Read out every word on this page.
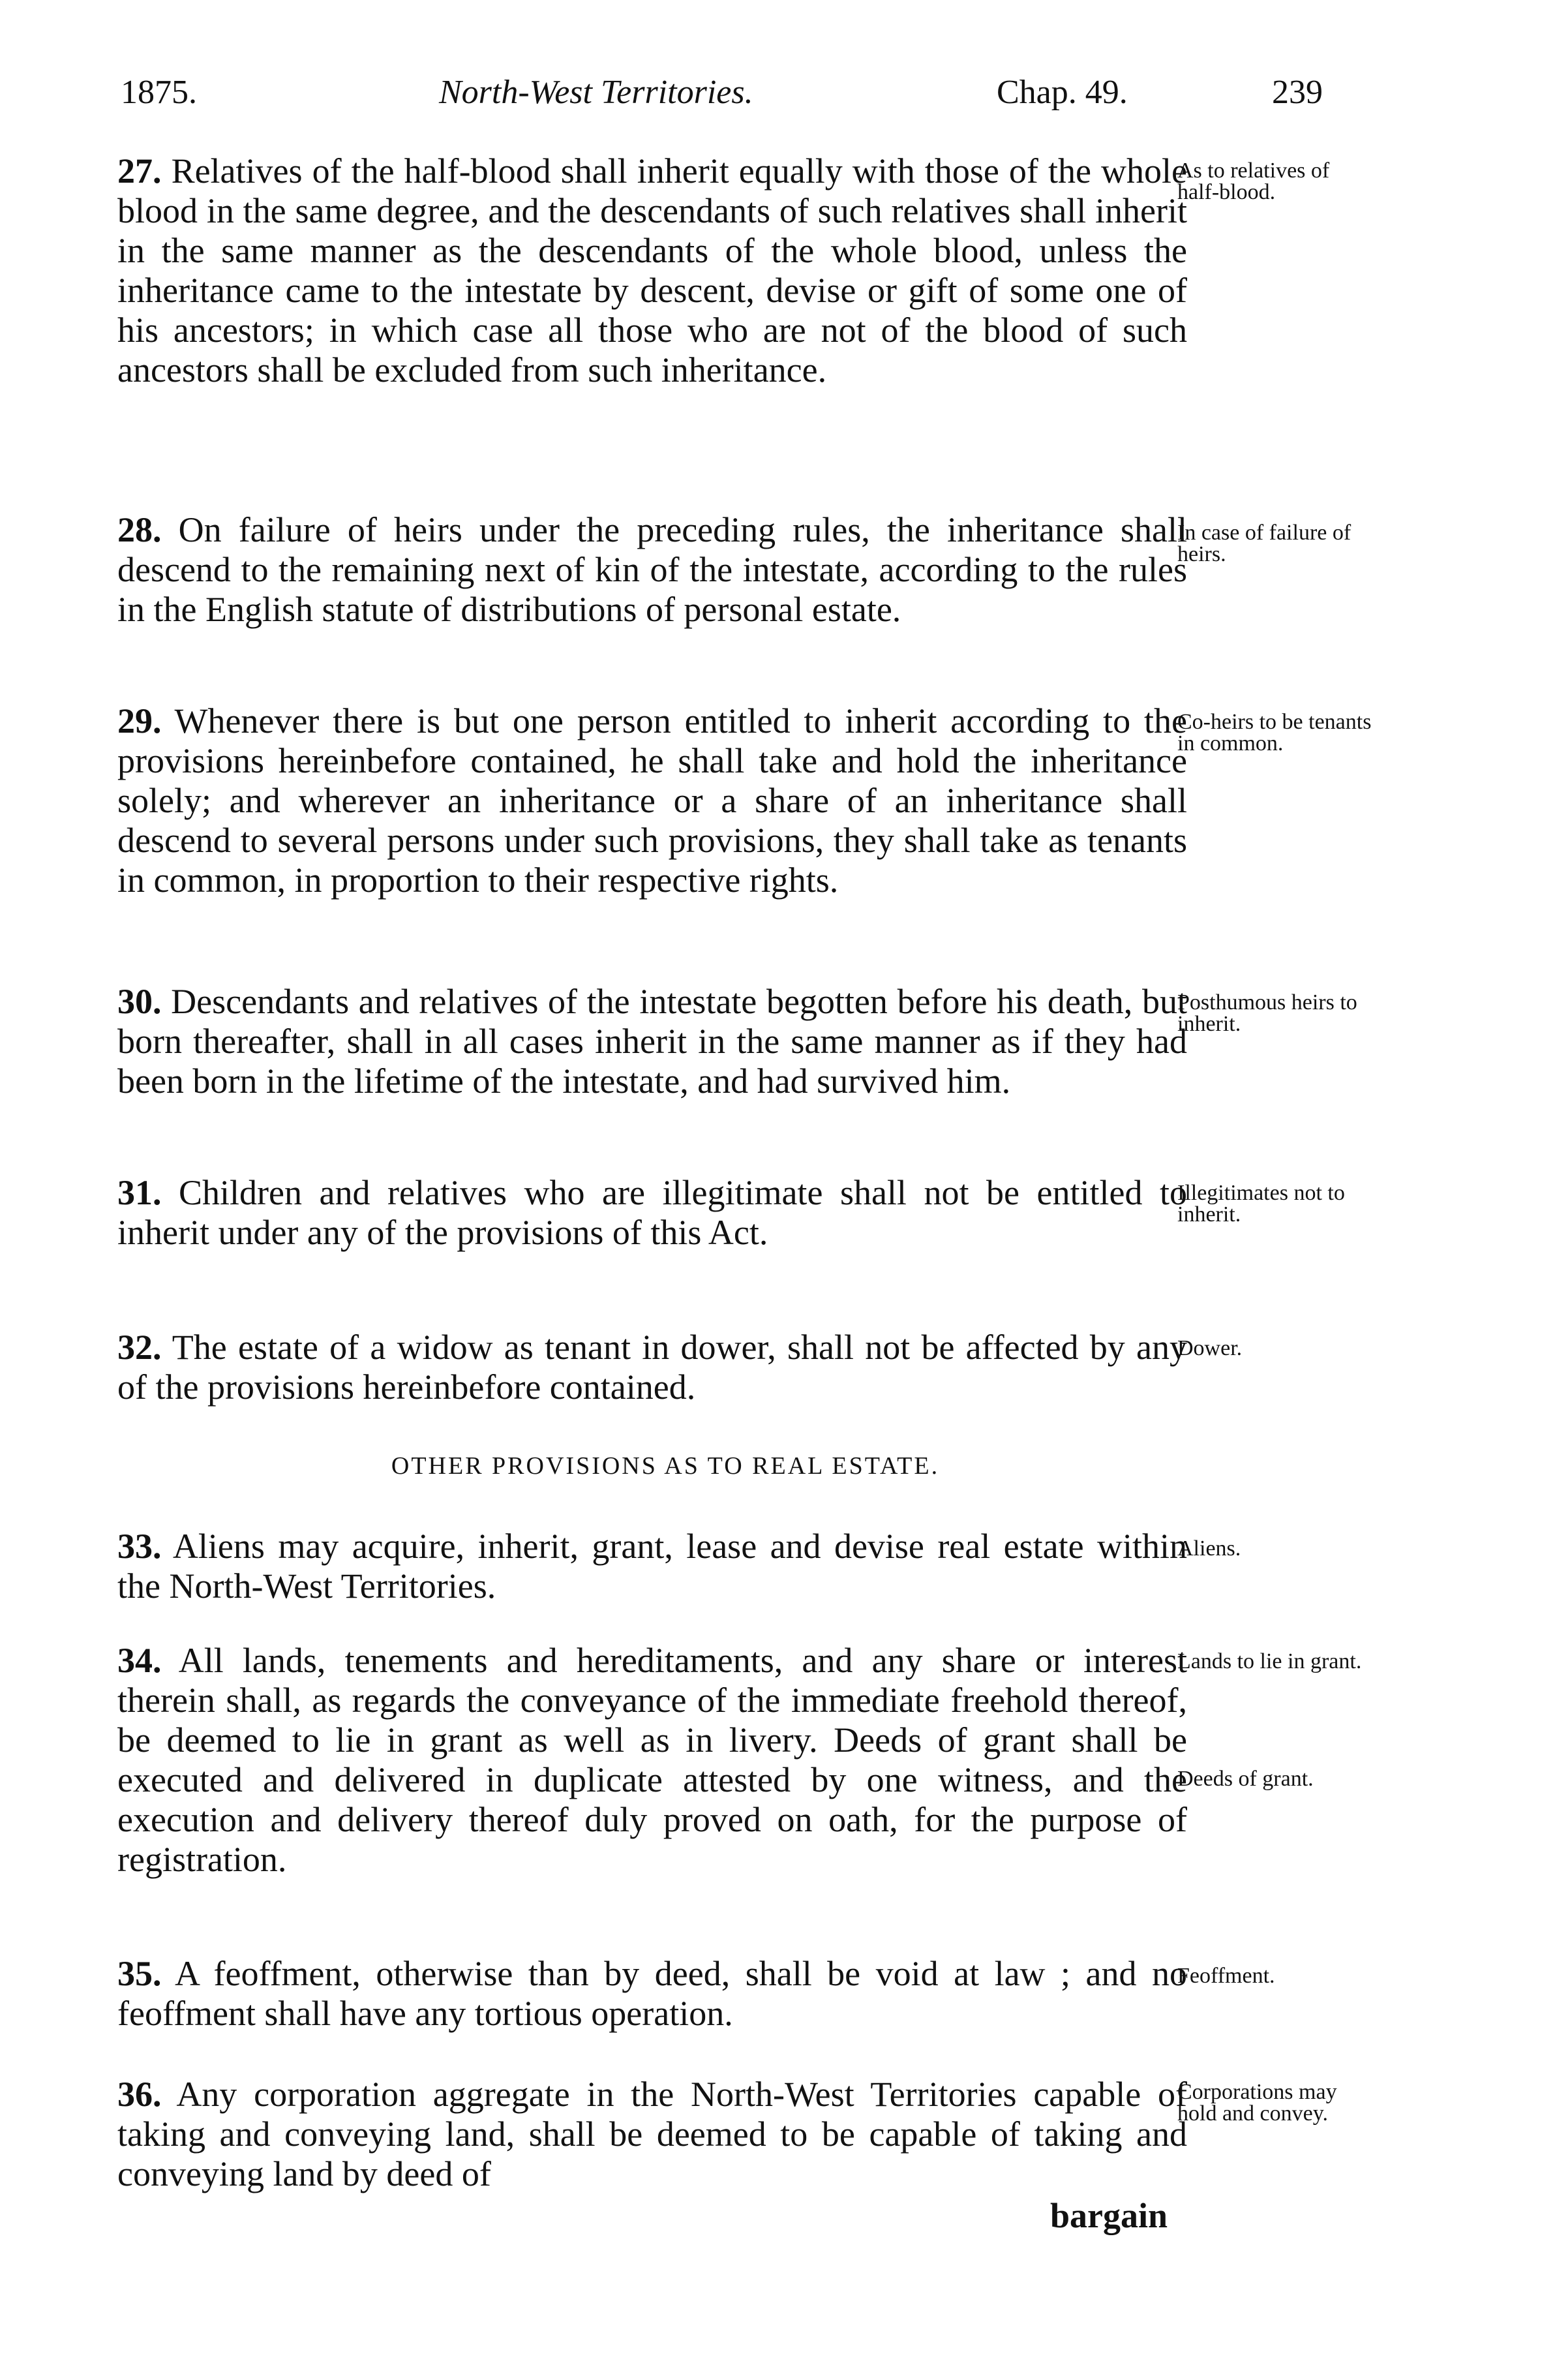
1875.	North-West Territories.	Chap. 49.	239

27. Relatives of the half-blood shall inherit equally with those of the whole blood in the same degree, and the descendants of such relatives shall inherit in the same manner as the descendants of the whole blood, unless the inheritance came to the intestate by descent, devise or gift of some one of his ancestors; in which case all those who are not of the blood of such ancestors shall be excluded from such inheritance.

As to relatives of half-blood.

28. On failure of heirs under the preceding rules, the inheritance shall descend to the remaining next of kin of the intestate, according to the rules in the English statute of distributions of personal estate.

In case of failure of heirs.

29. Whenever there is but one person entitled to inherit according to the provisions hereinbefore contained, he shall take and hold the inheritance solely; and wherever an inheritance or a share of an inheritance shall descend to several persons under such provisions, they shall take as tenants in common, in proportion to their respective rights.

Co-heirs to be tenants in common.

30. Descendants and relatives of the intestate begotten before his death, but born thereafter, shall in all cases inherit in the same manner as if they had been born in the lifetime of the intestate, and had survived him.

Posthumous heirs to inherit.

31. Children and relatives who are illegitimate shall not be entitled to inherit under any of the provisions of this Act.

Illegitimates not to inherit.

32. The estate of a widow as tenant in dower, shall not be affected by any of the provisions hereinbefore contained.

Dower.
OTHER PROVISIONS AS TO REAL ESTATE.

33. Aliens may acquire, inherit, grant, lease and devise real estate within the North-West Territories.

Aliens.

34. All lands, tenements and hereditaments, and any share or interest therein shall, as regards the conveyance of the immediate freehold thereof, be deemed to lie in grant as well as in livery. Deeds of grant shall be executed and delivered in duplicate attested by one witness, and the execution and delivery thereof duly proved on oath, for the purpose of registration.

Lands to lie in grant.
Deeds of grant.

35. A feoffment, otherwise than by deed, shall be void at law ; and no feoffment shall have any tortious operation.

Feoffment.

36. Any corporation aggregate in the North-West Territories capable of taking and conveying land, shall be deemed to be capable of taking and conveying land by deed of

Corporations may hold and convey.
bargain
